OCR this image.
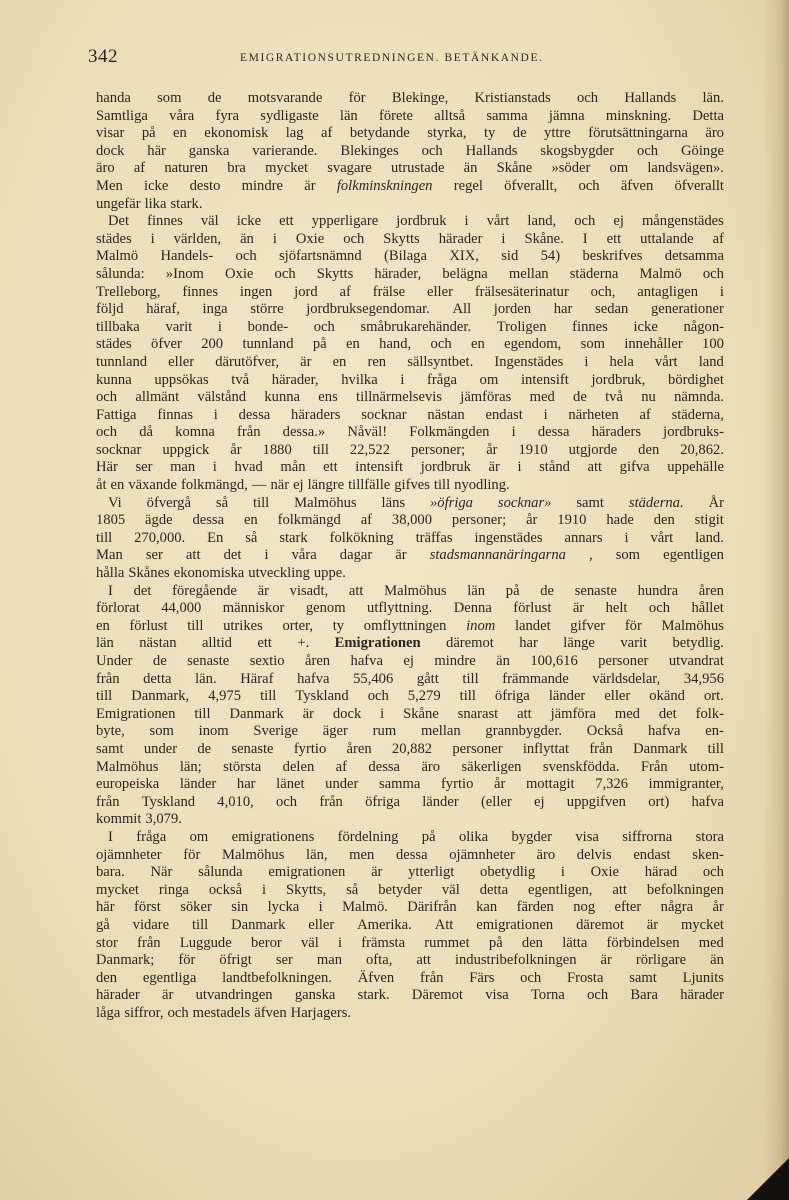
342	EMIGRATIONSUTREDNINGEN. BETÄNKANDE.
handa som de motsvarande för Blekinge, Kristianstads och Hallands län.
Samtliga våra fyra sydligaste län förete alltså samma jämna minskning. Detta
visar på en ekonomisk lag af betydande styrka, ty de yttre förutsättningarna äro
dock här ganska varierande. Blekinges och Hallands skogsbygder och Göinge
äro af naturen bra mycket svagare utrustade än Skåne »söder om landsvägen».
Men icke desto mindre är folkminskningen regel öfverallt, och äfven öfverallt
ungefär lika stark.
Det finnes väl icke ett ypperligare jordbruk i vårt land, och ej mångenstädes
städes i världen, än i Oxie och Skytts härader i Skåne. I ett uttalande af
Malmö Handels- och sjöfartsnämnd (Bilaga XIX, sid 54) beskrifves detsamma
sålunda: »Inom Oxie och Skytts härader, belägna mellan städerna Malmö och
Trelleborg, finnes ingen jord af frälse eller frälsesäterinatur och, antagligen i
följd häraf, inga större jordbruksegendomar. All jorden har sedan generationer
tillbaka varit i bonde- och småbrukarehänder. Troligen finnes icke någon-
städes öfver 200 tunnland på en hand, och en egendom, som innehåller 100
tunnland eller därutöfver, är en ren sällsyntbet. Ingenstädes i hela vårt land
kunna uppsökas två härader, hvilka i fråga om intensift jordbruk, bördighet
och allmänt välstånd kunna ens tillnärmelsevis jämföras med de två nu nämnda.
Fattiga finnas i dessa häraders socknar nästan endast i närheten af städerna,
och då komna från dessa.» Nåväl! Folkmängden i dessa häraders jordbruks-
socknar uppgick år 1880 till 22,522 personer; år 1910 utgjorde den 20,862.
Här ser man i hvad mån ett intensift jordbruk är i stånd att gifva uppehälle
åt en växande folkmängd, — när ej längre tillfälle gifves till nyodling.
Vi öfvergå så till Malmöhus läns »öfriga socknar» samt städerna. År
1805 ägde dessa en folkmängd af 38,000 personer; år 1910 hade den stigit
till 270,000. En så stark folkökning träffas ingenstädes annars i vårt land.
Man ser att det i våra dagar är stadsmannanäringarna , som egentligen
hålla Skånes ekonomiska utveckling uppe.
I det föregående är visadt, att Malmöhus län på de senaste hundra åren
förlorat 44,000 människor genom utflyttning. Denna förlust är helt och hållet
en förlust till utrikes orter, ty omflyttningen inom landet gifver för Malmöhus
län nästan alltid ett +. Emigrationen däremot har länge varit betydlig.
Under de senaste sextio åren hafva ej mindre än 100,616 personer utvandrat
från detta län. Häraf hafva 55,406 gått till främmande världsdelar, 34,956
till Danmark, 4,975 till Tyskland och 5,279 till öfriga länder eller okänd ort.
Emigrationen till Danmark är dock i Skåne snarast att jämföra med det folk-
byte, som inom Sverige äger rum mellan grannbygder. Också hafva en-
samt under de senaste fyrtio åren 20,882 personer inflyttat från Danmark till
Malmöhus län; största delen af dessa äro säkerligen svenskfödda. Från utom-
europeiska länder har länet under samma fyrtio år mottagit 7,326 immigranter,
från Tyskland 4,010, och från öfriga länder (eller ej uppgifven ort) hafva
kommit 3,079.
I fråga om emigrationens fördelning på olika bygder visa siffrorna stora
ojämnheter för Malmöhus län, men dessa ojämnheter äro delvis endast sken-
bara. När sålunda emigrationen är ytterligt obetydlig i Oxie härad och
mycket ringa också i Skytts, så betyder väl detta egentligen, att befolkningen
här först söker sin lycka i Malmö. Därifrån kan färden nog efter några år
gå vidare till Danmark eller Amerika. Att emigrationen däremot är mycket
stor från Luggude beror väl i främsta rummet på den lätta förbindelsen med
Danmark; för öfrigt ser man ofta, att industribefolkningen är rörligare än
den egentliga landtbefolkningen. Äfven från Färs och Frosta samt Ljunits
härader är utvandringen ganska stark. Däremot visa Torna och Bara härader
låga siffror, och mestadels äfven Harjagers.
